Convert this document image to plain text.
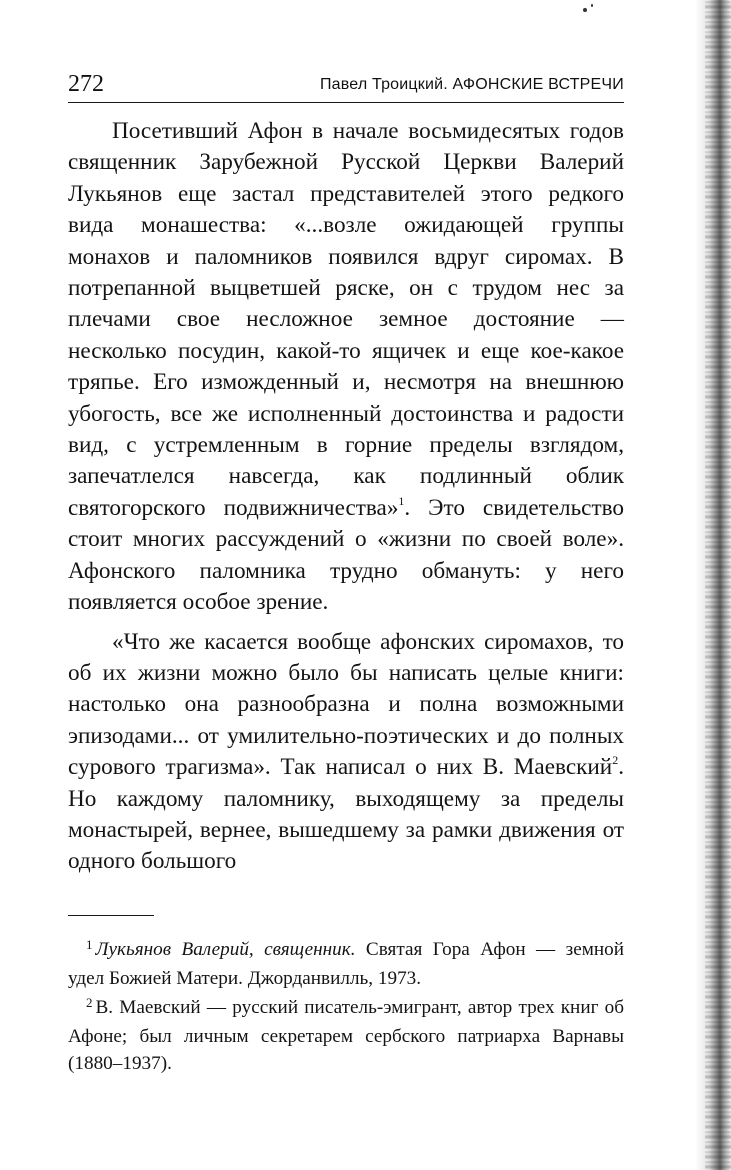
272	Павел Троицкий. АФОНСКИЕ ВСТРЕЧИ

Посетивший Афон в начале восьмидесятых годов священник Зарубежной Русской Церкви Валерий Лукьянов еще застал представителей этого редкого вида монашества: «...возле ожидающей группы монахов и паломников появился вдруг сиромах. В потрепанной выцветшей ряске, он с трудом нес за плечами свое несложное земное достояние — несколько посудин, какой-то ящичек и еще кое-какое тряпье. Его изможденный и, несмотря на внешнюю убогость, все же исполненный достоинства и радости вид, с устремленным в горние пределы взглядом, запечатлелся навсегда, как подлинный облик святогорского подвижничества»$^1$. Это свидетельство стоит многих рассуждений о «жизни по своей воле». Афонского паломника трудно обмануть: у него появляется особое зрение.

«Что же касается вообще афонских сиромахов, то об их жизни можно было бы написать целые книги: настолько она разнообразна и полна возможными эпизодами... от умилительно-поэтических и до полных сурового трагизма». Так написал о них В. Маевский$^2$. Но каждому паломнику, выходящему за пределы монастырей, вернее, вышедшему за рамки движения от одного большого

$^1$ Лукьянов Валерий, священник. Святая Гора Афон — земной удел Божией Матери. Джорданвилль, 1973.

$^2$ В. Маевский — русский писатель-эмигрант, автор трех книг об Афоне; был личным секретарем сербского патриарха Варнавы (1880–1937).
